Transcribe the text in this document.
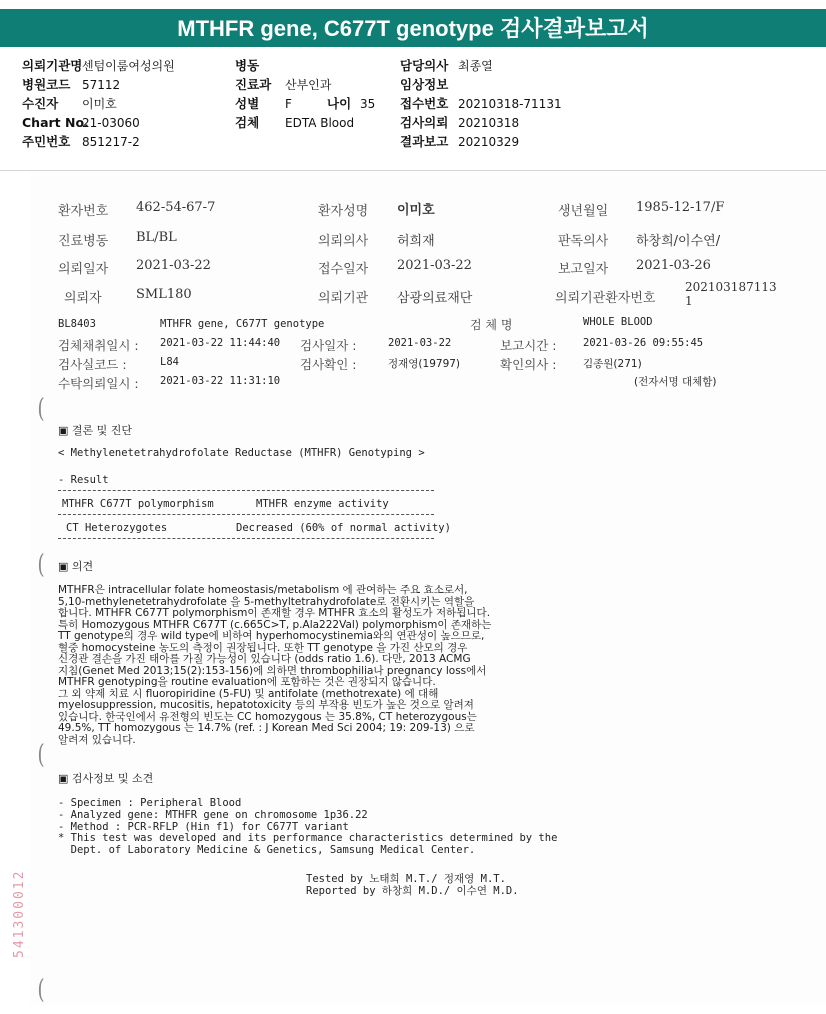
MTHFR gene, C677T genotype 검사결과보고서
의뢰기관명 센텀이룸여성의원
병원코드 57112
수진자 이미호
Chart No.
21-03060
주민번호 851217-2
병동
진료과 산부인과
성별 F	나이 35
검체 EDTA Blood
담당의사 최종열
임상정보
접수번호 20210318-71131
검사의뢰 20210318
결과보고 20210329
환자번호 462-54-67-7	환자성명 이미호	생년월일 1985-12-17/F
진료병동 BL/BL	의뢰의사 허희재	판독의사 하창희/이수연/
의뢰일자 2021-03-22	접수일자 2021-03-22	보고일자 2021-03-26
의뢰자	SML180	의뢰기관 삼광의료재단	의뢰기관환자번호
202103187113
1
BL8403	MTHFR gene, C677T genotype	검 체 명	WHOLE BLOOD
검체채취일시 : 2021-03-22 11:44:40 검사일자 :	2021-03-22	보고시간 :	2021-03-26 09:55:45
검사실코드 :	L84	검사확인 :	정재영(19797)	확인의사 :	김종원(271)
수탁의뢰일시 : 2021-03-22 11:31:10	(전자서명 대체함)
(
(
(
(
▣ 결론 및 진단
< Methylenetetrahydrofolate Reductase (MTHFR) Genotyping >
- Result
MTHFR C677T polymorphism	MTHFR enzyme activity
CT Heterozygotes	Decreased (60% of normal activity)
▣ 의견
MTHFR은 intracellular folate homeostasis/metabolism 에 관여하는 주요 효소로서,
5,10-methylenetetrahydrofolate 을 5-methyltetrahydrofolate로 전환시키는 역할을
합니다. MTHFR C677T polymorphism이 존재할 경우 MTHFR 효소의 활성도가 저하됩니다.
특히 Homozygous MTHFR C677T (c.665C>T, p.Ala222Val) polymorphism이 존재하는
TT genotype의 경우 wild type에 비하여 hyperhomocystinemia와의 연관성이 높으므로,
혈중 homocysteine 농도의 측정이 권장됩니다. 또한 TT genotype 을 가진 산모의 경우
신경관 결손을 가진 태아를 가질 가능성이 있습니다 (odds ratio 1.6). 다만, 2013 ACMG
지침(Genet Med 2013;15(2):153-156)에 의하면 thrombophilia나 pregnancy loss에서
MTHFR genotyping을 routine evaluation에 포함하는 것은 권장되지 않습니다.
그 외 약제 치료 시 fluoropiridine (5-FU) 및 antifolate (methotrexate) 에 대해
myelosuppression, mucositis, hepatotoxicity 등의 부작용 빈도가 높은 것으로 알려져
있습니다. 한국인에서 유전형의 빈도는 CC homozygous 는 35.8%, CT heterozygous는
49.5%, TT homozygous 는 14.7% (ref. : J Korean Med Sci 2004; 19: 209-13) 으로
알려져 있습니다.
▣ 검사정보 및 소견
- Specimen : Peripheral Blood
- Analyzed gene: MTHFR gene on chromosome 1p36.22
- Method : PCR-RFLP (Hin f1) for C677T variant
* This test was developed and its performance characteristics determined by the
Dept. of Laboratory Medicine & Genetics, Samsung Medical Center.
Tested by 노태희 M.T./ 정재영 M.T.
Reported by 하창희 M.D./ 이수연 M.D.
541300012
